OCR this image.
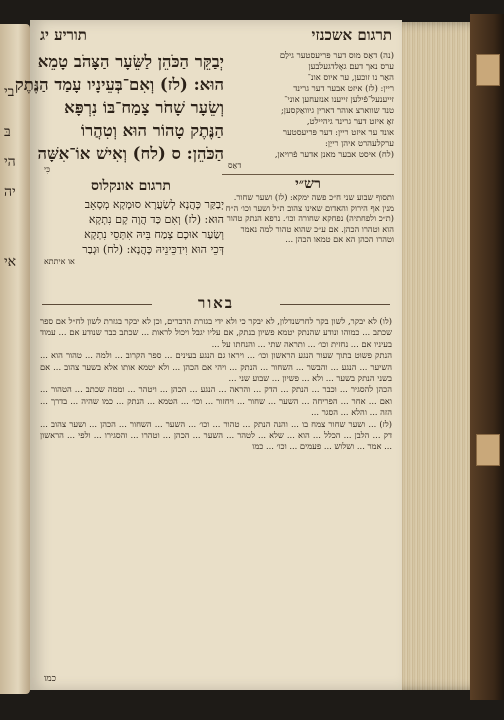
בי
בּ
הי
יה
אי
תרגום אשכנזי
תוריע יג
(נה) דאַס מוס דער פּריעסטער גילַם
ערס נאך דעם גאָלדגעלבען
האַר נו זוכען, ער איוס אונ־
ריין: (לז) איזט אבער דער גרינד
זייענעל־פֿילען זייענו אנזעחען אוני־
טנד שווארצ אוהר דארין גיוואַקסען;
זאָ איזט דער גרינד גיהיילט,
אונד ער איזט ריין: דער פּריעסטער
ערקלעהרט איהן רייַן:
(לח) איסט אבער מאנן אדער פֿרויאן,
דאַס
רש״י
ותסוף שבוע שני ח״כ פשה ימקא: (לז) ושער שחור. מנין אף הירוק והאדום שאינו צהוב ת״ל ושער וכו׳ ה״ח (ת״כ ולפחתיה) נפחקא שחורה וכו׳. נרפא הנתק טהור הוא וטהרו הכהן. אם ע״כ שהוא טהור למה נאמר וטהרו הכהן הא אם טמאו הכהן ...
יְבַקֵּר הַכֹּהֵן לַשֵּׂעָר הַצָּהֹב טָמֵא
הוּא: (לז) וְאִם־בְּעֵינָיו עָמַד הַנֶּתֶק
וְשֵׂעָר שָׁחֹר צָמַח־בּוֹ נִרְפָּא
הַנֶּתֶק טָהוֹר הוּא וְטִהֲרוֹ
הַכֹּהֵן: ס (לח) וְאִישׁ אוֹ־אִשָּׁה
כִּי
תרגום אונקלוס
יְבַקַּר כָּהֲנָא לְשַׂעֲרָא סוּמָקָא מְסָאָב
הוּא: (לז) וְאִם כַּד הֲוָה קָם נִתְקָא
וְשַׂעַר אוּכָם צְמַח בֵּיהּ אִתְּסֵי נִתְקָא
דְּכֵי הוּא וִידַכֵּינֵיהּ כָּהֲנָא: (לח) וּגְבַר
או איתתא
באור

(לו) לא יבקר, לשון בקר לחרשנדלון, לא יבקר כי ולא ידי בגזרת הדברים, וכן לא יבקר בגזרת לשון לח״ל אם ספר שכתב ... כמוהו ונודע שהנתק יטמא פשיון בנתק, אם עליו יגבל ויכול לראות ... שכתב כבר שנודע אם ... עמוד בעיניו אם ... נחזית וכו׳ ... ותראה שתי ... והנחתו על ...

הנתק פשוט בתוך שעור הנגע הראשון וכו׳ ... ויראו גם הנגע בעינים ... ספר הקרוב ... ולמה ... טהור הוא ... השיער ... הנגע ... והבשר ... השחור ... הנתק ... ויהי אם הכהן ... ולא יטמא אותו אלא בשער צהוב ... אם בשני הנתק בשער ... ולא ... פשיון ... שבוע שני ...

הכהן להסגיר ... וכבר ... הנתק ... הדק ... והראה ... הנגע ... הכהן ... ויטהר ... וממה שכתב ... הטהור ... ואם ... אחר ... הפריחה ... השער ... שחור ... ויחזור ... וכו׳ ... הטמא ... הנתק ... כמו שהיה ... בדרך ... הזה ... והלא ... הסגר ...

(לז) ... ושער שחור צמח בו ... והנה הנתק ... טהור ... וכו׳ ... השער ... השחור ... הכהן ... ושער צהוב ... דק ... הלבן ... הכלל ... הוא ... שלא ... לטהר ... השער ... הכהן ... וטהרו ... והסגירו ... ולפי ... הראשון ... אמר ... ושלוש ... פעמים ... וכו׳ ... כמו

כמו
